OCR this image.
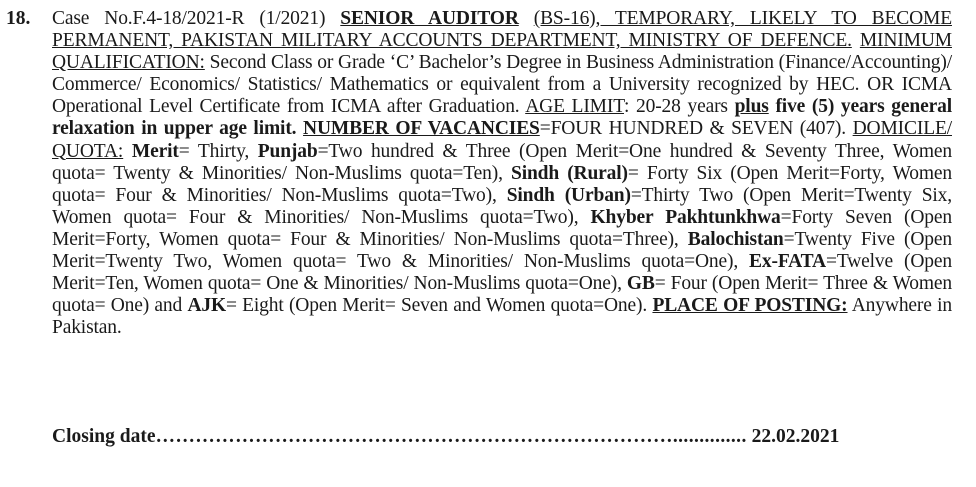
18. Case No.F.4-18/2021-R (1/2021) SENIOR AUDITOR (BS-16), TEMPORARY, LIKELY TO BECOME PERMANENT, PAKISTAN MILITARY ACCOUNTS DEPARTMENT, MINISTRY OF DEFENCE. MINIMUM QUALIFICATION: Second Class or Grade ‘C’ Bachelor’s Degree in Business Administration (Finance/Accounting)/ Commerce/ Economics/ Statistics/ Mathematics or equivalent from a University recognized by HEC. OR ICMA Operational Level Certificate from ICMA after Graduation. AGE LIMIT: 20-28 years plus five (5) years general relaxation in upper age limit. NUMBER OF VACANCIES=FOUR HUNDRED & SEVEN (407). DOMICILE/ QUOTA: Merit= Thirty, Punjab=Two hundred & Three (Open Merit=One hundred & Seventy Three, Women quota= Twenty & Minorities/ Non-Muslims quota=Ten), Sindh (Rural)= Forty Six (Open Merit=Forty, Women quota= Four & Minorities/ Non-Muslims quota=Two), Sindh (Urban)=Thirty Two (Open Merit=Twenty Six, Women quota= Four & Minorities/ Non-Muslims quota=Two), Khyber Pakhtunkhwa=Forty Seven (Open Merit=Forty, Women quota= Four & Minorities/ Non-Muslims quota=Three), Balochistan=Twenty Five (Open Merit=Twenty Two, Women quota= Two & Minorities/ Non-Muslims quota=One), Ex-FATA=Twelve (Open Merit=Ten, Women quota= One & Minorities/ Non-Muslims quota=One), GB= Four (Open Merit= Three & Women quota= One) and AJK= Eight (Open Merit= Seven and Women quota=One). PLACE OF POSTING: Anywhere in Pakistan.
Closing date…………………………………………………………………….............. 22.02.2021
